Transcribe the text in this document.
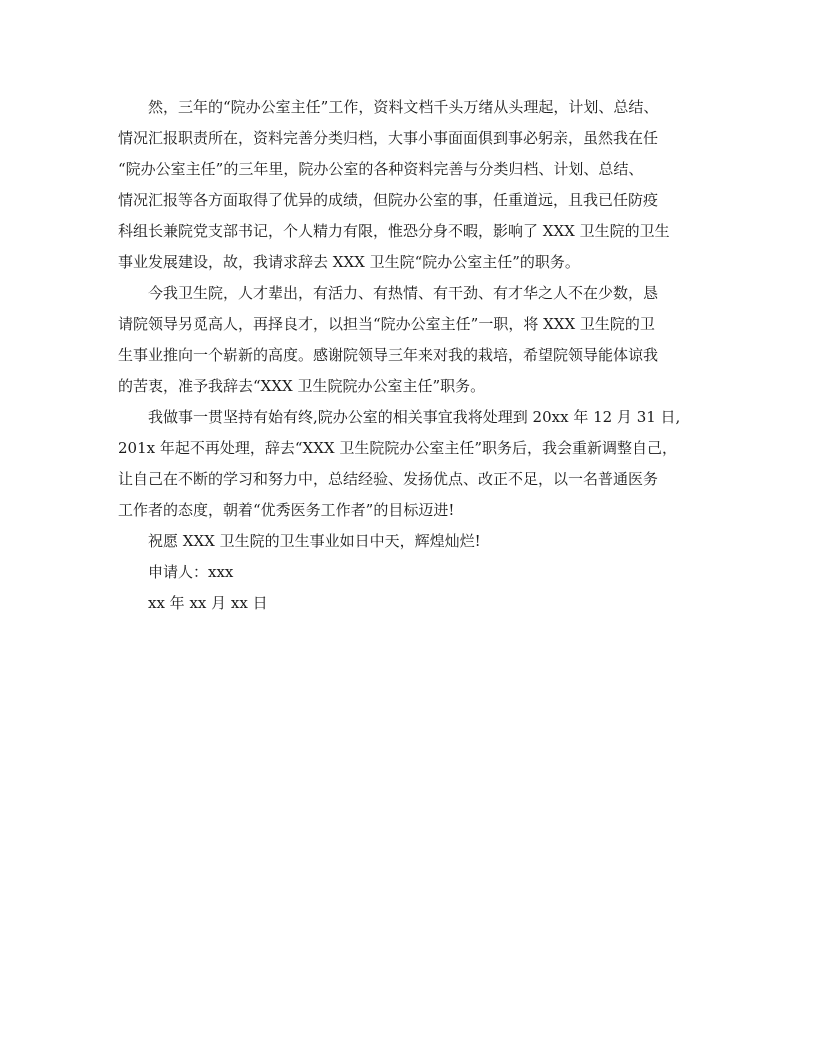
然，三年的“院办公室主任”工作，资料文档千头万绪从头理起，计划、总结、
情况汇报职责所在，资料完善分类归档，大事小事面面俱到事必躬亲，虽然我在任
“院办公室主任”的三年里，院办公室的各种资料完善与分类归档、计划、总结、
情况汇报等各方面取得了优异的成绩，但院办公室的事，任重道远，且我已任防疫
科组长兼院党支部书记，个人精力有限，惟恐分身不暇，影响了 XXX 卫生院的卫生
事业发展建设，故，我请求辞去 XXX 卫生院“院办公室主任”的职务。
今我卫生院，人才辈出，有活力、有热情、有干劲、有才华之人不在少数，恳
请院领导另觅高人，再择良才，以担当“院办公室主任”一职，将 XXX 卫生院的卫
生事业推向一个崭新的高度。感谢院领导三年来对我的栽培，希望院领导能体谅我
的苦衷，准予我辞去“XXX 卫生院院办公室主任”职务。
我做事一贯坚持有始有终,院办公室的相关事宜我将处理到 20xx 年 12 月 31 日,
201x 年起不再处理，辞去“XXX 卫生院院办公室主任”职务后，我会重新调整自己，
让自己在不断的学习和努力中，总结经验、发扬优点、改正不足，以一名普通医务
工作者的态度，朝着“优秀医务工作者”的目标迈进!
祝愿 XXX 卫生院的卫生事业如日中天，辉煌灿烂!
申请人：xxx
xx 年 xx 月 xx 日
